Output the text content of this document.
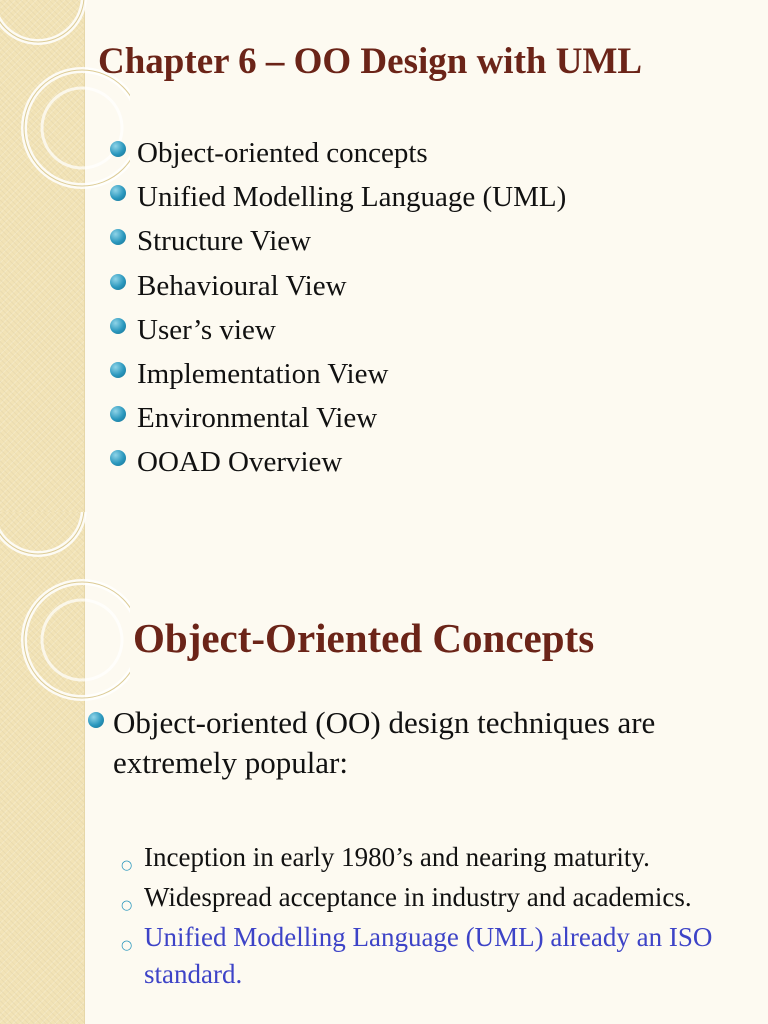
Chapter 6 – OO Design with UML
Object-oriented concepts
Unified Modelling Language (UML)
Structure View
Behavioural View
User’s view
Implementation View
Environmental View
OOAD Overview
Object-Oriented Concepts
Object-oriented (OO) design techniques are extremely popular:
○ Inception in early 1980’s and nearing maturity.
○ Widespread acceptance in industry and academics.
○ Unified Modelling Language (UML) already an ISO standard.
